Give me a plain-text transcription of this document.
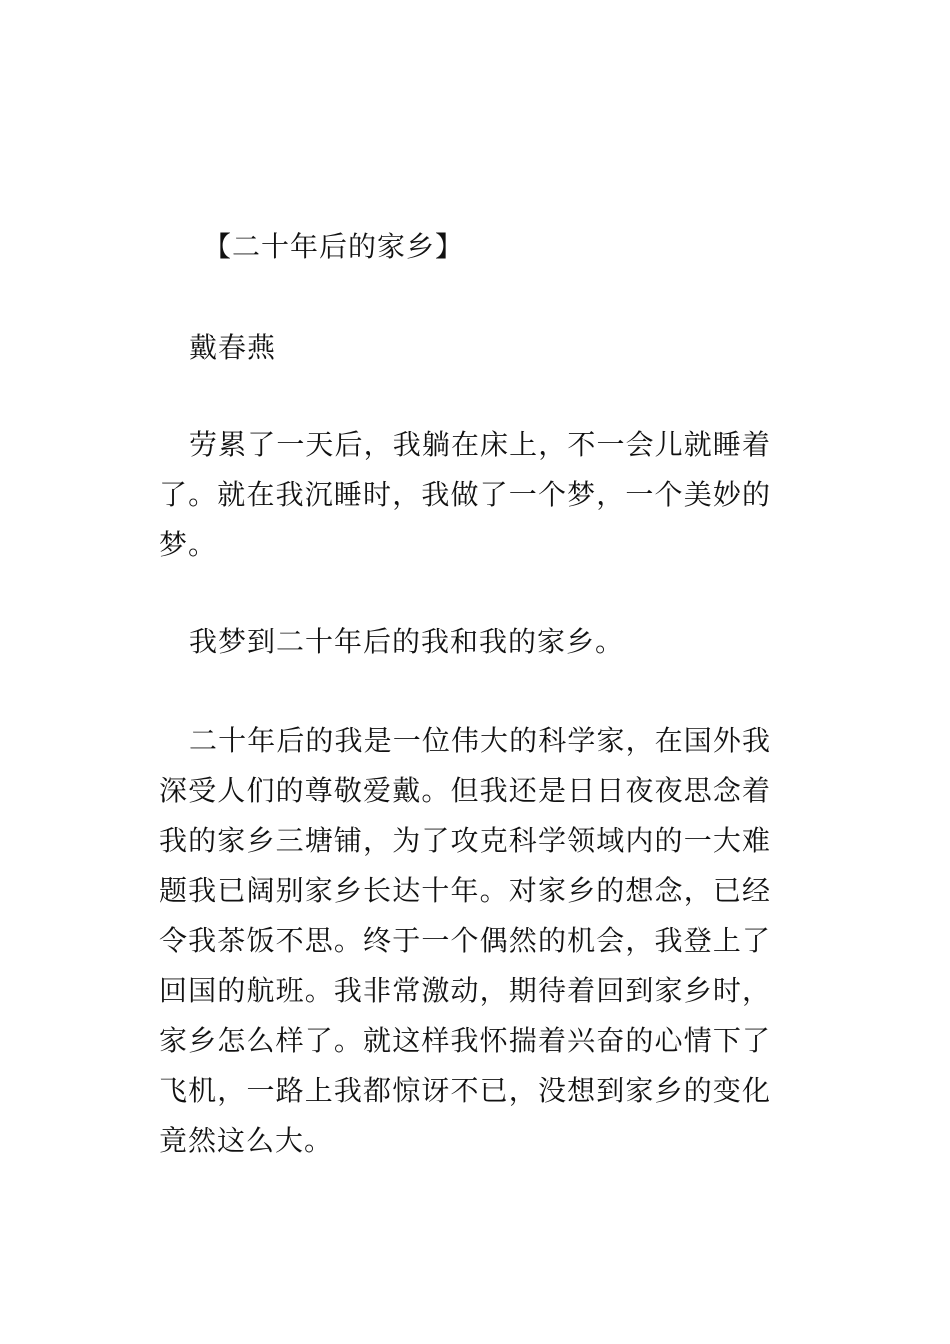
【二十年后的家乡】
戴春燕

劳累了一天后，我躺在床上，不一会儿就睡着了。就在我沉睡时，我做了一个梦，一个美妙的梦。

我梦到二十年后的我和我的家乡。

二十年后的我是一位伟大的科学家，在国外我深受人们的尊敬爱戴。但我还是日日夜夜思念着我的家乡三塘铺，为了攻克科学领域内的一大难题我已阔别家乡长达十年。对家乡的想念，已经令我茶饭不思。终于一个偶然的机会，我登上了回国的航班。我非常激动，期待着回到家乡时，家乡怎么样了。就这样我怀揣着兴奋的心情下了飞机，一路上我都惊讶不已，没想到家乡的变化竟然这么大。
